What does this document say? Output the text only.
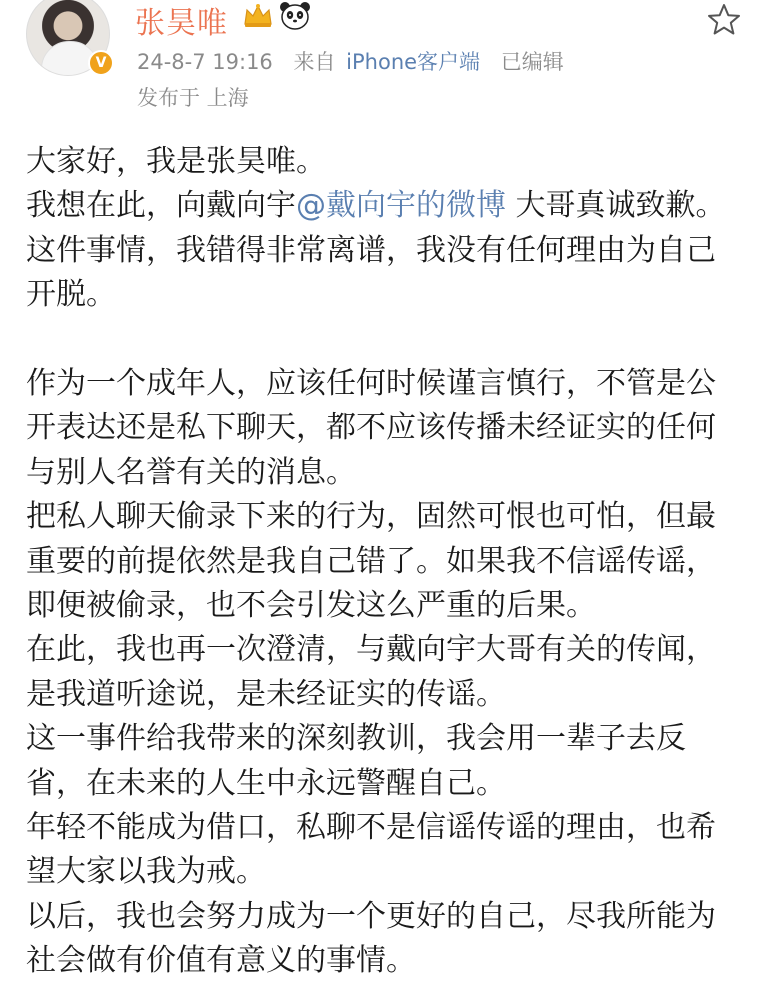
V
张昊唯
24-8-7 19:16 来自 iPhone客户端 已编辑
发布于 上海

大家好，我是张昊唯。

我想在此，向戴向宇@戴向宇的微博 大哥真诚致歉。

这件事情，我错得非常离谱，我没有任何理由为自己开脱。

作为一个成年人，应该任何时候谨言慎行，不管是公开表达还是私下聊天，都不应该传播未经证实的任何与别人名誉有关的消息。

把私人聊天偷录下来的行为，固然可恨也可怕，但最重要的前提依然是我自己错了。如果我不信谣传谣，即便被偷录，也不会引发这么严重的后果。

在此，我也再一次澄清，与戴向宇大哥有关的传闻，是我道听途说，是未经证实的传谣。

这一事件给我带来的深刻教训，我会用一辈子去反省，在未来的人生中永远警醒自己。

年轻不能成为借口，私聊不是信谣传谣的理由，也希望大家以我为戒。

以后，我也会努力成为一个更好的自己，尽我所能为社会做有价值有意义的事情。
